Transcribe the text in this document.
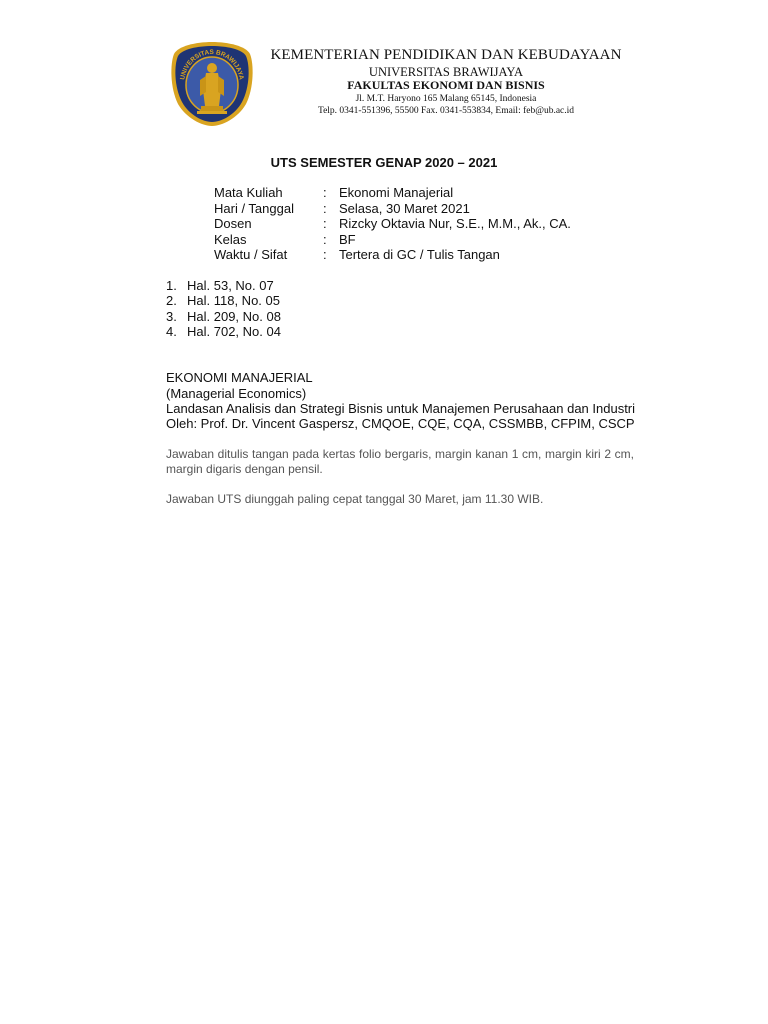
UNIVERSITAS BRAWIJAYA
KEMENTERIAN PENDIDIKAN DAN KEBUDAYAAN
UNIVERSITAS BRAWIJAYA
FAKULTAS EKONOMI DAN BISNIS
Jl. M.T. Haryono 165 Malang 65145, Indonesia
Telp. 0341-551396, 55500 Fax. 0341-553834, Email: feb@ub.ac.id
UTS SEMESTER GENAP 2020 – 2021
Mata Kuliah	: Ekonomi Manajerial
Hari / Tanggal : Selasa, 30 Maret 2021
Dosen	: Rizcky Oktavia Nur, S.E., M.M., Ak., CA.
Kelas	: BF
Waktu / Sifat	: Tertera di GC / Tulis Tangan
1. Hal. 53, No. 07
2. Hal. 118, No. 05
3. Hal. 209, No. 08
4. Hal. 702, No. 04
EKONOMI MANAJERIAL
(Managerial Economics)
Landasan Analisis dan Strategi Bisnis untuk Manajemen Perusahaan dan Industri
Oleh: Prof. Dr. Vincent Gaspersz, CMQOE, CQE, CQA, CSSMBB, CFPIM, CSCP
Jawaban ditulis tangan pada kertas folio bergaris, margin kanan 1 cm, margin kiri 2 cm, margin digaris dengan pensil.
Jawaban UTS diunggah paling cepat tanggal 30 Maret, jam 11.30 WIB.
